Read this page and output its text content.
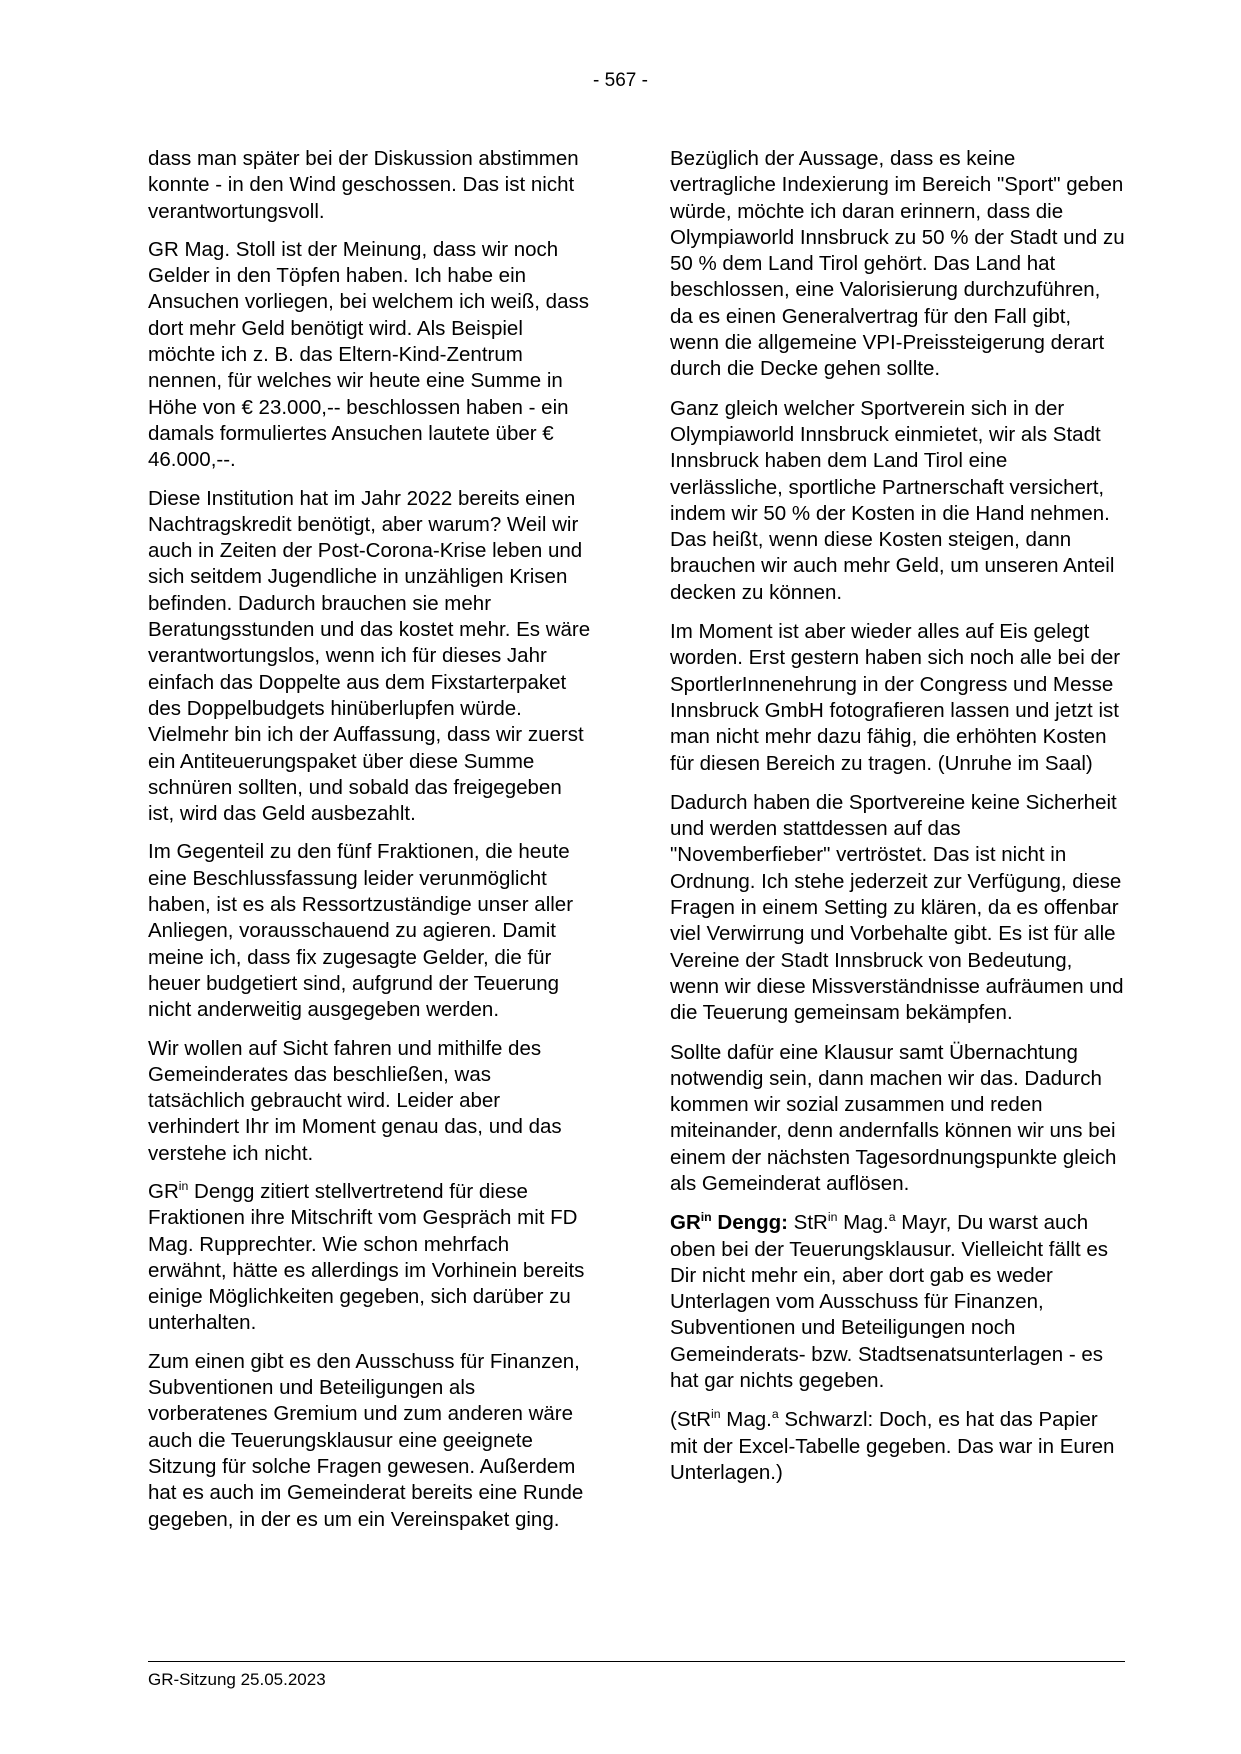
- 567 -

dass man später bei der Diskussion abstimmen konnte - in den Wind geschossen. Das ist nicht verantwortungsvoll.

GR Mag. Stoll ist der Meinung, dass wir noch Gelder in den Töpfen haben. Ich habe ein Ansuchen vorliegen, bei welchem ich weiß, dass dort mehr Geld benötigt wird. Als Beispiel möchte ich z. B. das Eltern-Kind-Zentrum nennen, für welches wir heute eine Summe in Höhe von € 23.000,-- beschlossen haben - ein damals formuliertes Ansuchen lautete über € 46.000,--.

Diese Institution hat im Jahr 2022 bereits einen Nachtragskredit benötigt, aber warum? Weil wir auch in Zeiten der Post-Corona-Krise leben und sich seitdem Jugendliche in unzähligen Krisen befinden. Dadurch brauchen sie mehr Beratungsstunden und das kostet mehr. Es wäre verantwortungslos, wenn ich für dieses Jahr einfach das Doppelte aus dem Fixstarterpaket des Doppelbudgets hinüberlupfen würde. Vielmehr bin ich der Auffassung, dass wir zuerst ein Antiteuerungspaket über diese Summe schnüren sollten, und sobald das freigegeben ist, wird das Geld ausbezahlt.

Im Gegenteil zu den fünf Fraktionen, die heute eine Beschlussfassung leider verunmöglicht haben, ist es als Ressortzuständige unser aller Anliegen, vorausschauend zu agieren. Damit meine ich, dass fix zugesagte Gelder, die für heuer budgetiert sind, aufgrund der Teuerung nicht anderweitig ausgegeben werden.

Wir wollen auf Sicht fahren und mithilfe des Gemeinderates das beschließen, was tatsächlich gebraucht wird. Leider aber verhindert Ihr im Moment genau das, und das verstehe ich nicht.

$GR^{in}$ Dengg zitiert stellvertretend für diese Fraktionen ihre Mitschrift vom Gespräch mit FD Mag. Rupprechter. Wie schon mehrfach erwähnt, hätte es allerdings im Vorhinein bereits einige Möglichkeiten gegeben, sich darüber zu unterhalten.

Zum einen gibt es den Ausschuss für Finanzen, Subventionen und Beteiligungen als vorberatenes Gremium und zum anderen wäre auch die Teuerungsklausur eine geeignete Sitzung für solche Fragen gewesen. Außerdem hat es auch im Gemeinderat bereits eine Runde gegeben, in der es um ein Vereinspaket ging.

Bezüglich der Aussage, dass es keine vertragliche Indexierung im Bereich "Sport" geben würde, möchte ich daran erinnern, dass die Olympiaworld Innsbruck zu 50 % der Stadt und zu 50 % dem Land Tirol gehört. Das Land hat beschlossen, eine Valorisierung durchzuführen, da es einen Generalvertrag für den Fall gibt, wenn die allgemeine VPI-Preissteigerung derart durch die Decke gehen sollte.

Ganz gleich welcher Sportverein sich in der Olympiaworld Innsbruck einmietet, wir als Stadt Innsbruck haben dem Land Tirol eine verlässliche, sportliche Partnerschaft versichert, indem wir 50 % der Kosten in die Hand nehmen. Das heißt, wenn diese Kosten steigen, dann brauchen wir auch mehr Geld, um unseren Anteil decken zu können.

Im Moment ist aber wieder alles auf Eis gelegt worden. Erst gestern haben sich noch alle bei der SportlerInnenehrung in der Congress und Messe Innsbruck GmbH fotografieren lassen und jetzt ist man nicht mehr dazu fähig, die erhöhten Kosten für diesen Bereich zu tragen. (Unruhe im Saal)

Dadurch haben die Sportvereine keine Sicherheit und werden stattdessen auf das "Novemberfieber" vertröstet. Das ist nicht in Ordnung. Ich stehe jederzeit zur Verfügung, diese Fragen in einem Setting zu klären, da es offenbar viel Verwirrung und Vorbehalte gibt. Es ist für alle Vereine der Stadt Innsbruck von Bedeutung, wenn wir diese Missverständnisse aufräumen und die Teuerung gemeinsam bekämpfen.

Sollte dafür eine Klausur samt Übernachtung notwendig sein, dann machen wir das. Dadurch kommen wir sozial zusammen und reden miteinander, denn andernfalls können wir uns bei einem der nächsten Tagesordnungspunkte gleich als Gemeinderat auflösen.

$GR^{in}$ Dengg: StR$^{in}$ Mag.$^a$ Mayr, Du warst auch oben bei der Teuerungsklausur. Vielleicht fällt es Dir nicht mehr ein, aber dort gab es weder Unterlagen vom Ausschuss für Finanzen, Subventionen und Beteiligungen noch Gemeinderats- bzw. Stadtsenatsunterlagen - es hat gar nichts gegeben.

(StR$^{in}$ Mag.$^a$ Schwarzl: Doch, es hat das Papier mit der Excel-Tabelle gegeben. Das war in Euren Unterlagen.)

GR-Sitzung 25.05.2023
